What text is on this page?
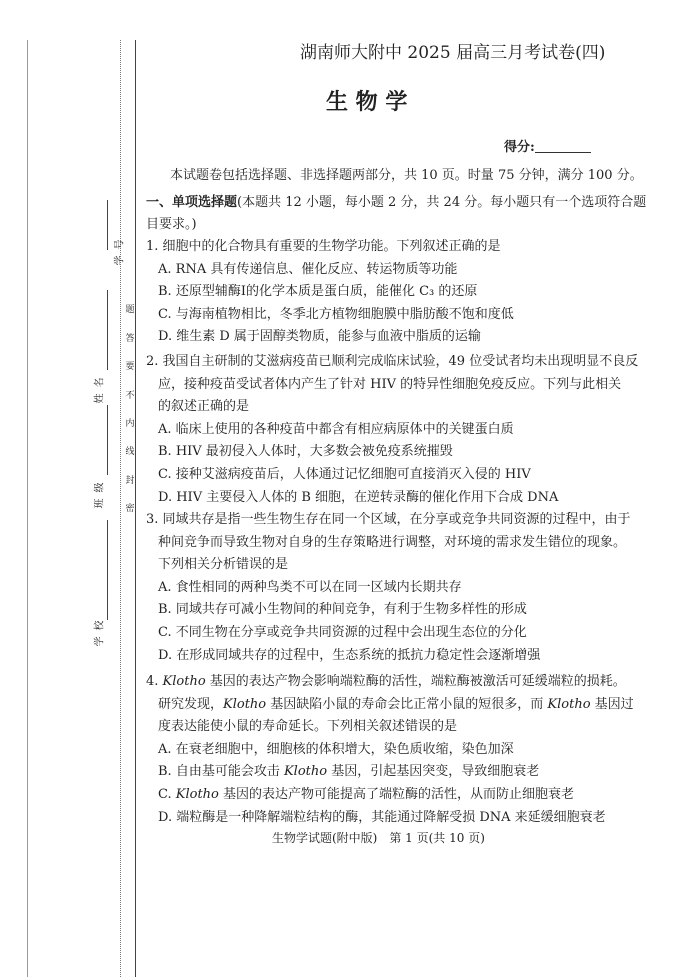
学号
姓名
班级
学校
题
答
要
不
内
线
封
密
湖南师大附中 2025 届高三月考试卷(四)
生 物 学
得分:
本试题卷包括选择题、非选择题两部分，共 10 页。时量 75 分钟，满分 100 分。
一、单项选择题(本题共 12 小题，每小题 2 分，共 24 分。每小题只有一个选项符合题
目要求。)
1. 细胞中的化合物具有重要的生物学功能。下列叙述正确的是
A. RNA 具有传递信息、催化反应、转运物质等功能
B. 还原型辅酶Ⅰ的化学本质是蛋白质，能催化 C₃ 的还原
C. 与海南植物相比，冬季北方植物细胞膜中脂肪酸不饱和度低
D. 维生素 D 属于固醇类物质，能参与血液中脂质的运输
2. 我国自主研制的艾滋病疫苗已顺利完成临床试验，49 位受试者均未出现明显不良反
应，接种疫苗受试者体内产生了针对 HIV 的特异性细胞免疫反应。下列与此相关
的叙述正确的是
A. 临床上使用的各种疫苗中都含有相应病原体中的关键蛋白质
B. HIV 最初侵入人体时，大多数会被免疫系统摧毁
C. 接种艾滋病疫苗后，人体通过记忆细胞可直接消灭入侵的 HIV
D. HIV 主要侵入人体的 B 细胞，在逆转录酶的催化作用下合成 DNA
3. 同域共存是指一些生物生存在同一个区域，在分享或竞争共同资源的过程中，由于
种间竞争而导致生物对自身的生存策略进行调整，对环境的需求发生错位的现象。
下列相关分析错误的是
A. 食性相同的两种鸟类不可以在同一区域内长期共存
B. 同域共存可减小生物间的种间竞争，有利于生物多样性的形成
C. 不同生物在分享或竞争共同资源的过程中会出现生态位的分化
D. 在形成同域共存的过程中，生态系统的抵抗力稳定性会逐渐增强
4. Klotho 基因的表达产物会影响端粒酶的活性，端粒酶被激活可延缓端粒的损耗。
研究发现，Klotho 基因缺陷小鼠的寿命会比正常小鼠的短很多，而 Klotho 基因过
度表达能使小鼠的寿命延长。下列相关叙述错误的是
A. 在衰老细胞中，细胞核的体积增大，染色质收缩，染色加深
B. 自由基可能会攻击 Klotho 基因，引起基因突变，导致细胞衰老
C. Klotho 基因的表达产物可能提高了端粒酶的活性，从而防止细胞衰老
D. 端粒酶是一种降解端粒结构的酶，其能通过降解受损 DNA 来延缓细胞衰老
生物学试题(附中版)　第 1 页(共 10 页)
